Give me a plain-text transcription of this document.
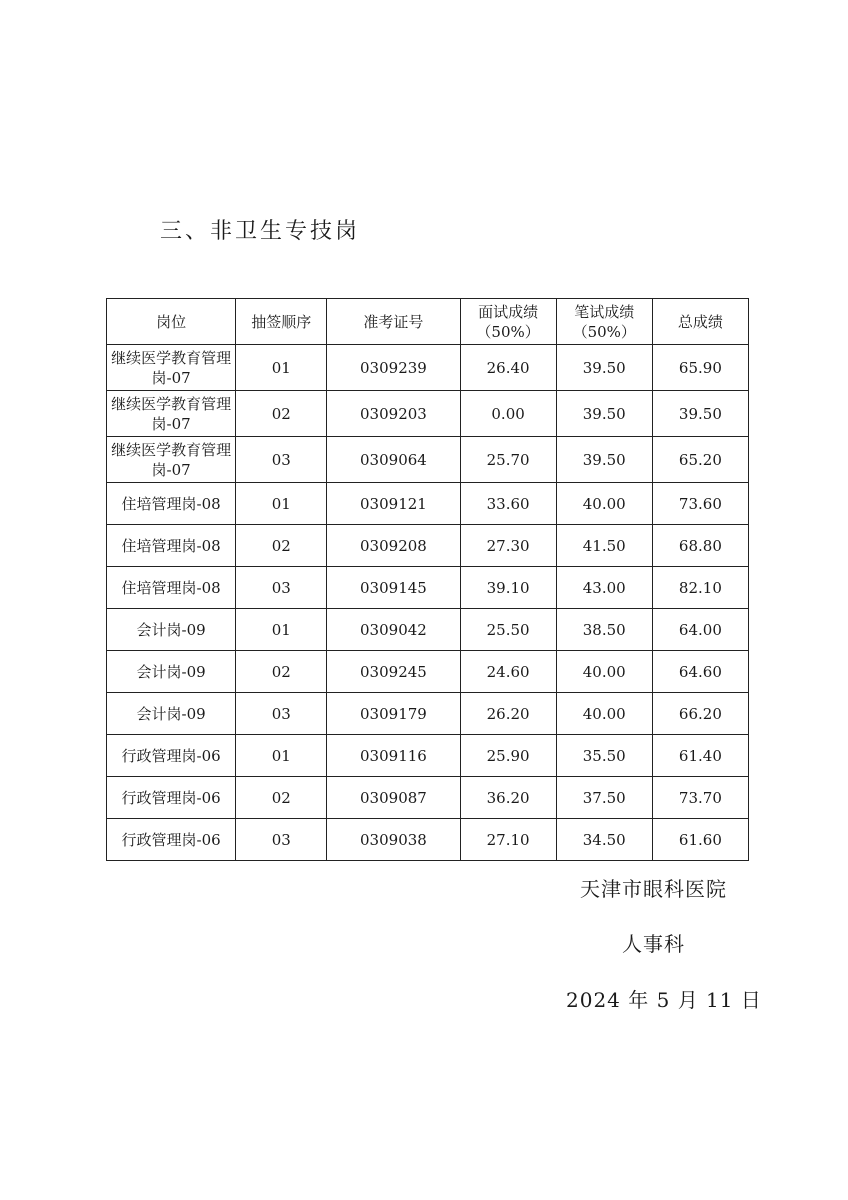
三、非卫生专技岗
岗位	抽签顺序	准考证号	面试成绩（50%）	笔试成绩（50%）	总成绩
继续医学教育管理岗-07	01	0309239	26.40	39.50	65.90
继续医学教育管理岗-07	02	0309203	0.00	39.50	39.50
继续医学教育管理岗-07	03	0309064	25.70	39.50	65.20
住培管理岗-08	01	0309121	33.60	40.00	73.60
住培管理岗-08	02	0309208	27.30	41.50	68.80
住培管理岗-08	03	0309145	39.10	43.00	82.10
会计岗-09	01	0309042	25.50	38.50	64.00
会计岗-09	02	0309245	24.60	40.00	64.60
会计岗-09	03	0309179	26.20	40.00	66.20
行政管理岗-06	01	0309116	25.90	35.50	61.40
行政管理岗-06	02	0309087	36.20	37.50	73.70
行政管理岗-06	03	0309038	27.10	34.50	61.60
天津市眼科医院
人事科
2024 年 5 月 11 日
